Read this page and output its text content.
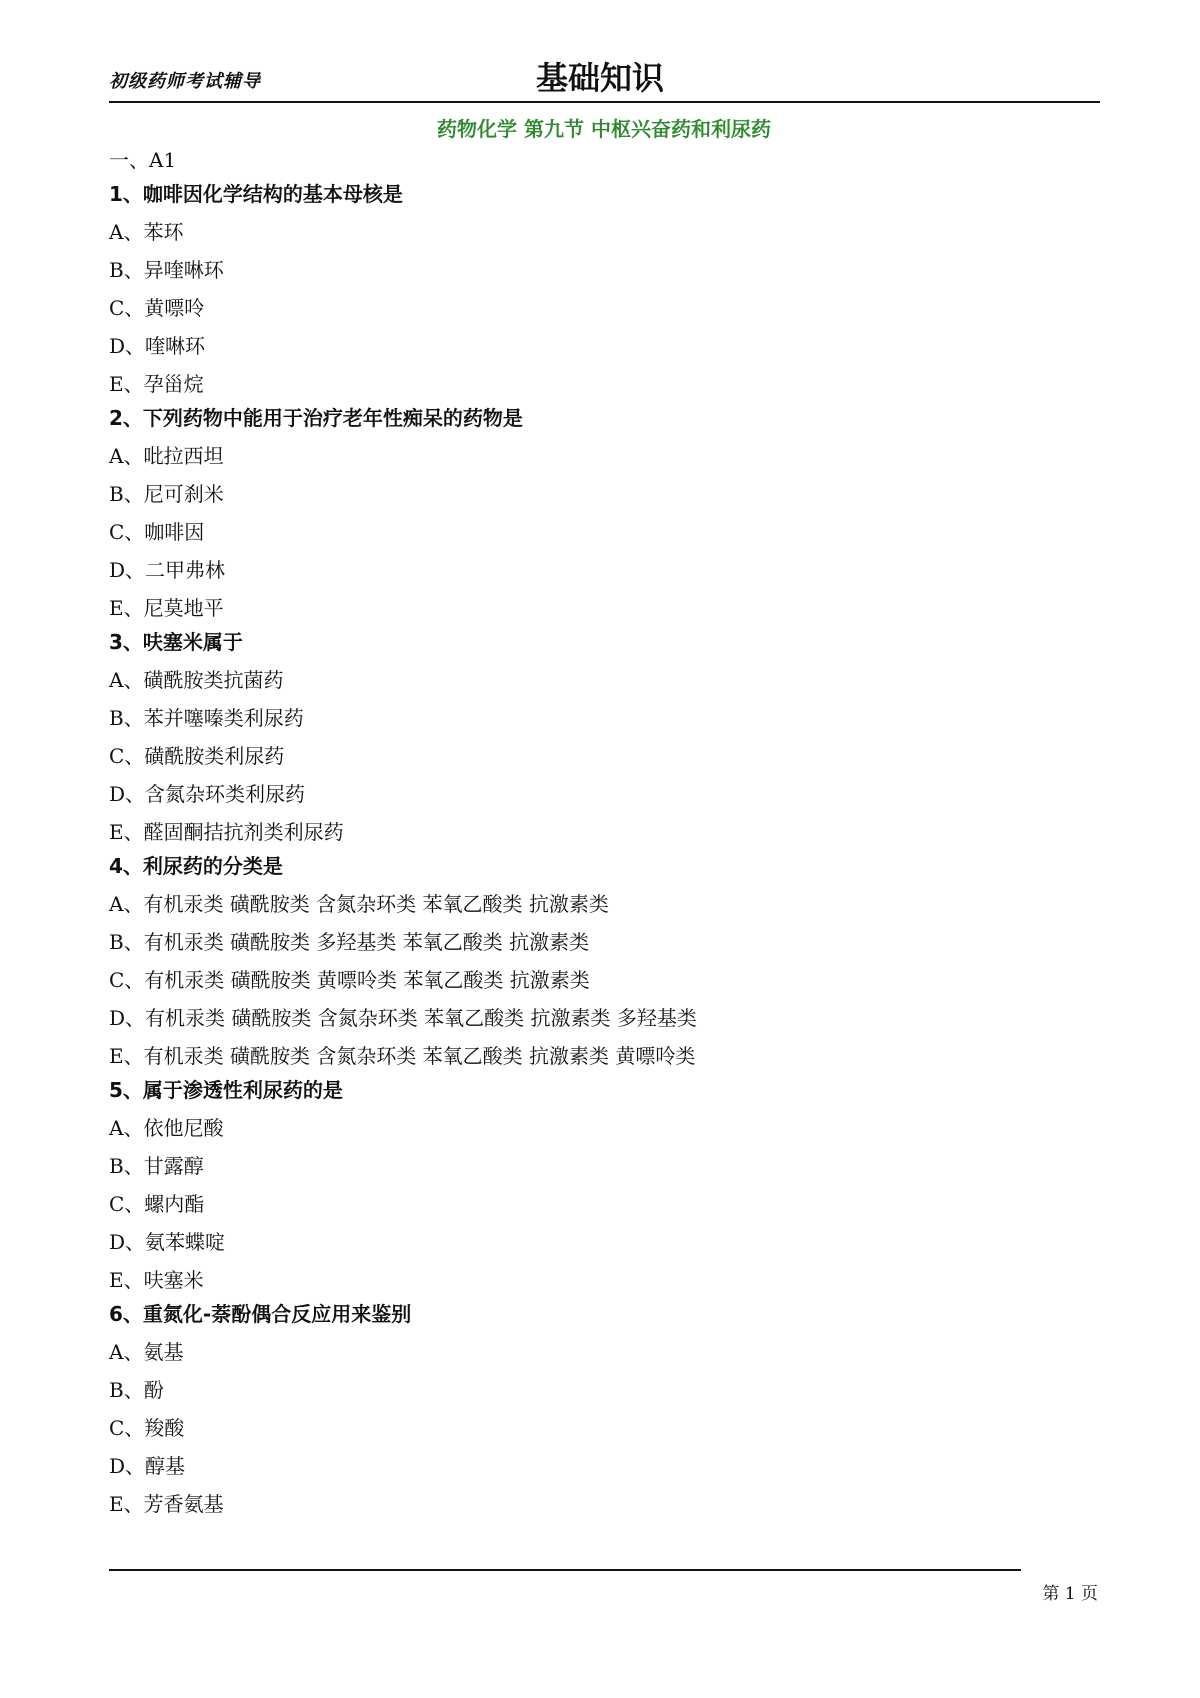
初级药师考试辅导	基础知识
药物化学 第九节 中枢兴奋药和利尿药
一、A1
1、咖啡因化学结构的基本母核是
A、苯环
B、异喹啉环
C、黄嘌呤
D、喹啉环
E、孕甾烷
2、下列药物中能用于治疗老年性痴呆的药物是
A、吡拉西坦
B、尼可刹米
C、咖啡因
D、二甲弗林
E、尼莫地平
3、呋塞米属于
A、磺酰胺类抗菌药
B、苯并噻嗪类利尿药
C、磺酰胺类利尿药
D、含氮杂环类利尿药
E、醛固酮拮抗剂类利尿药
4、利尿药的分类是
A、有机汞类 磺酰胺类 含氮杂环类 苯氧乙酸类 抗激素类
B、有机汞类 磺酰胺类 多羟基类 苯氧乙酸类 抗激素类
C、有机汞类 磺酰胺类 黄嘌呤类 苯氧乙酸类 抗激素类
D、有机汞类 磺酰胺类 含氮杂环类 苯氧乙酸类 抗激素类 多羟基类
E、有机汞类 磺酰胺类 含氮杂环类 苯氧乙酸类 抗激素类 黄嘌呤类
5、属于渗透性利尿药的是
A、依他尼酸
B、甘露醇
C、螺内酯
D、氨苯蝶啶
E、呋塞米
6、重氮化-萘酚偶合反应用来鉴别
A、氨基
B、酚
C、羧酸
D、醇基
E、芳香氨基
第 1 页
